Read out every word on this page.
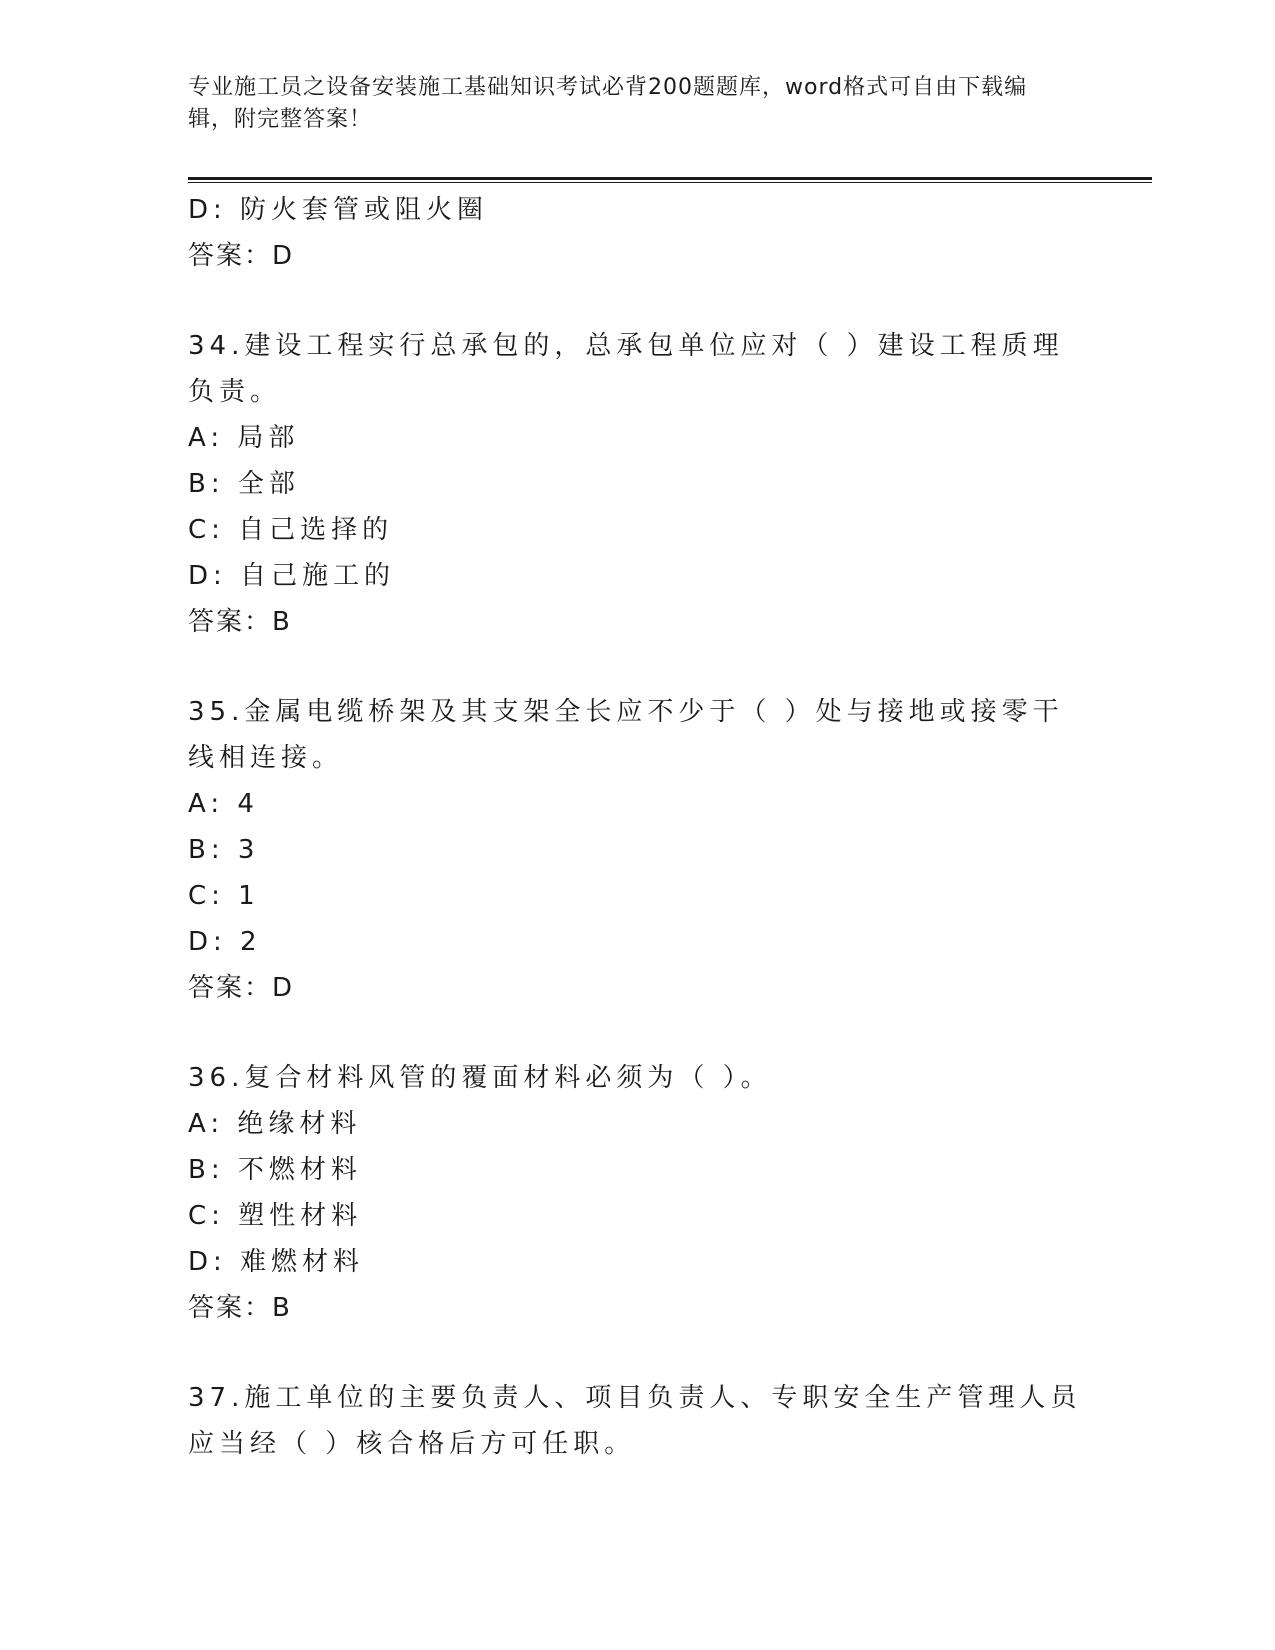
专业施工员之设备安装施工基础知识考试必背200题题库，word格式可自由下载编辑，附完整答案！
D: 防火套管或阻火圈
答案：D
34.建设工程实行总承包的，总承包单位应对（ ）建设工程质理负责。
A: 局部
B: 全部
C: 自己选择的
D: 自己施工的
答案：B
35.金属电缆桥架及其支架全长应不少于（ ）处与接地或接零干线相连接。
A: 4
B: 3
C: 1
D: 2
答案：D
36.复合材料风管的覆面材料必须为（ ）。
A: 绝缘材料
B: 不燃材料
C: 塑性材料
D: 难燃材料
答案：B
37.施工单位的主要负责人、项目负责人、专职安全生产管理人员应当经（ ）核合格后方可任职。
